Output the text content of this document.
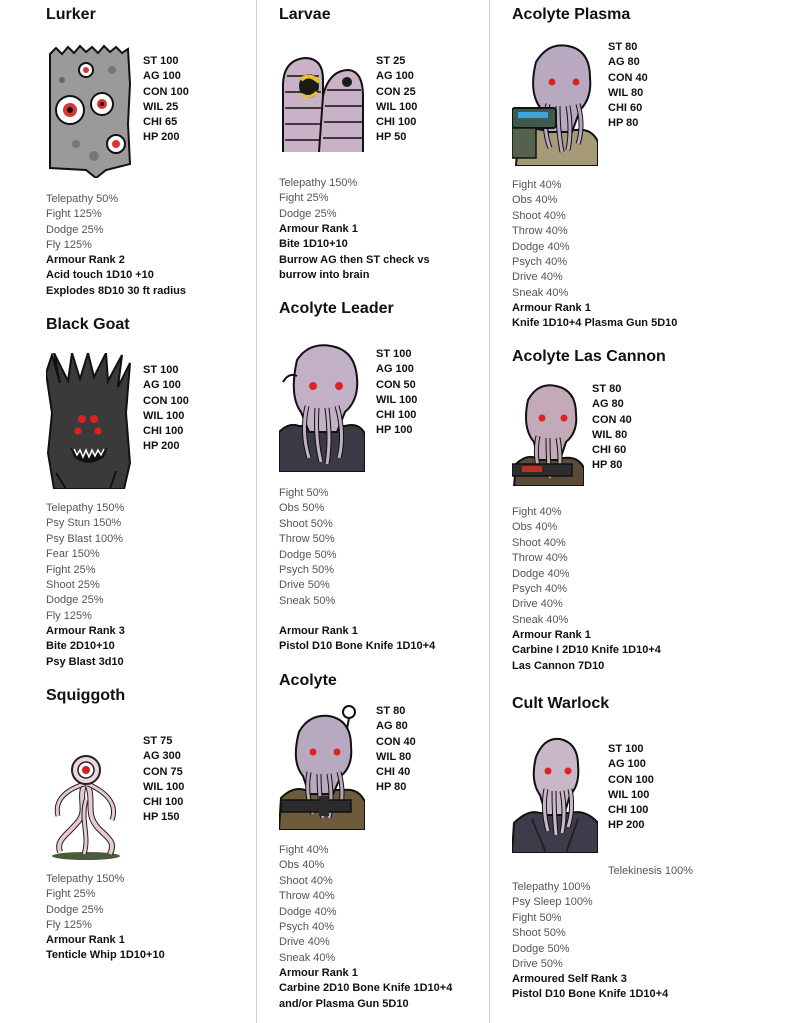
Lurker
ST 100
AG 100
CON 100
WIL 25
CHI 65
HP 200
Telepathy 50%
Fight 125%
Dodge 25%
Fly 125%
Armour Rank 2
Acid touch 1D10 +10
Explodes 8D10 30 ft radius
Black Goat
ST 100
AG 100
CON 100
WIL 100
CHI 100
HP 200
Telepathy 150%
Psy Stun 150%
Psy Blast 100%
Fear 150%
Fight 25%
Shoot 25%
Dodge 25%
Fly 125%
Armour Rank 3
Bite 2D10+10
Psy Blast 3d10
Squiggoth
ST 75
AG 300
CON 75
WIL 100
CHI 100
HP 150
Telepathy 150%
Fight 25%
Dodge 25%
Fly 125%
Armour Rank 1
Tenticle Whip 1D10+10
Larvae
ST 25
AG 100
CON 25
WIL 100
CHI 100
HP 50
Telepathy 150%
Fight 25%
Dodge 25%
Armour Rank 1
Bite 1D10+10
Burrow AG then ST check vs
burrow into brain
Acolyte Leader
ST 100
AG 100
CON 50
WIL 100
CHI 100
HP 100
Fight 50%
Obs 50%
Shoot 50%
Throw 50%
Dodge 50%
Psych 50%
Drive 50%
Sneak 50%
Armour Rank 1
Pistol D10 Bone Knife 1D10+4
Acolyte
ST 80
AG 80
CON 40
WIL 80
CHI 40
HP 80
Fight 40%
Obs 40%
Shoot 40%
Throw 40%
Dodge 40%
Psych 40%
Drive 40%
Sneak 40%
Armour Rank 1
Carbine 2D10 Bone Knife 1D10+4
and/or Plasma Gun 5D10
Acolyte Plasma
ST 80
AG 80
CON 40
WIL 80
CHI 60
HP 80
Fight 40%
Obs 40%
Shoot 40%
Throw 40%
Dodge 40%
Psych 40%
Drive 40%
Sneak 40%
Armour Rank 1
Knife 1D10+4 Plasma Gun 5D10
Acolyte Las Cannon
ST 80
AG 80
CON 40
WIL 80
CHI 60
HP 80
Fight 40%
Obs 40%
Shoot 40%
Throw 40%
Dodge 40%
Psych 40%
Drive 40%
Sneak 40%
Armour Rank 1
Carbine I 2D10 Knife 1D10+4
Las Cannon 7D10
Cult Warlock
ST 100
AG 100
CON 100
WIL 100
CHI 100
HP 200
Telekinesis 100%
Telepathy 100%
Psy Sleep 100%
Fight 50%
Shoot 50%
Dodge 50%
Drive 50%
Armoured Self Rank 3
Pistol D10 Bone Knife 1D10+4
